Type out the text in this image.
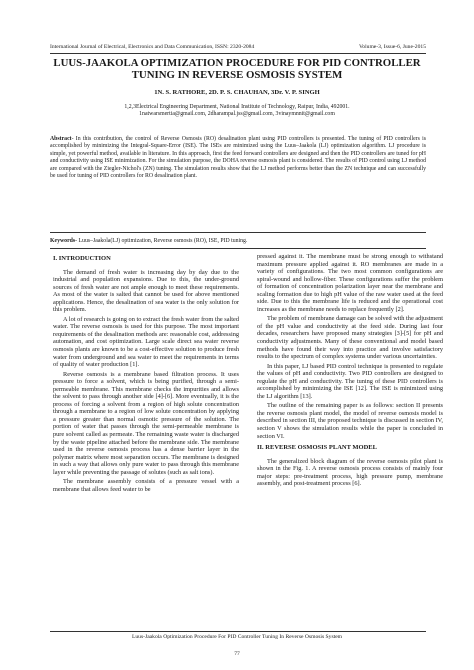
International Journal of Electrical, Electronics and Data Communication, ISSN: 2320-2084	Volume-3, Issue-6, June-2015
LUUS-JAAKOLA OPTIMIZATION PROCEDURE FOR PID CONTROLLER TUNING IN REVERSE OSMOSIS SYSTEM
1N. S. RATHORE, 2D. P. S. CHAUHAN, 3Dr. V. P. SINGH
1,2,3Electrical Engineering Department, National Institute of Technology, Raipur, India, 492001.
1natwarsmertia@gmail.com, 2dharampal.jss@gmail.com, 3vinaymnnit@gmail.com
Abstract- In this contribution, the control of Reverse Osmosis (RO) desalination plant using PID controllers is presented. The tuning of PID controllers is accomplished by minimizing the Integral-Square-Error (ISE). The ISEs are minimized using the Luus–Jaakola (LJ) optimization algorithm. LJ procedure is simple, yet powerful method, available in literature. In this approach, first the feed forward controllers are designed and then the PID controllers are tuned for pH and conductivity using ISE minimization. For the simulation purpose, the DOHA reverse osmosis plant is considered. The results of PID control using LJ method are compared with the Ziegler-Nichol's (ZN) tuning. The simulation results show that the LJ method performs better than the ZN technique and can successfully be used for tuning of PID controllers for RO desalination plant.
Keywords- Luus–Jaakola(LJ) optimization, Reverse osmosis (RO), ISE, PID tuning.
I. INTRODUCTION

The demand of fresh water is increasing day by day due to the industrial and population expansions. Due to this, the under-ground sources of fresh water are not ample enough to meet these requirements. As most of the water is salted that cannot be used for above mentioned applications. Hence, the desalination of sea water is the only solution for this problem.

A lot of research is going on to extract the fresh water from the salted water. The reverse osmosis is used for this purpose. The most important requirements of the desalination methods are: reasonable cost, addressing automation, and cost optimization. Large scale direct sea water reverse osmosis plants are known to be a cost-effective solution to produce fresh water from underground and sea water to meet the requirements in terms of quality of water production [1].

Reverse osmosis is a membrane based filtration process. It uses pressure to force a solvent, which is being purified, through a semi-permeable membrane. This membrane checks the impurities and allows the solvent to pass through another side [4]-[6]. More eventually, it is the process of forcing a solvent from a region of high solute concentration through a membrane to a region of low solute concentration by applying a pressure greater than normal osmotic pressure of the solution. The portion of water that passes through the semi-permeable membrane is pure solvent called as permeate. The remaining waste water is discharged by the waste pipeline attached before the membrane side. The membrane used in the reverse osmosis process has a dense barrier layer in the polymer matrix where most separation occurs. The membrane is designed in such a way that allows only pure water to pass through this membrane layer while preventing the passage of solutes (such as salt ions).

The membrane assembly consists of a pressure vessel with a membrane that allows feed water to be

pressed against it. The membrane must be strong enough to withstand maximum pressure applied against it. RO membranes are made in a variety of configurations. The two most common configurations are spiral-wound and hollow-fiber. These configurations suffer the problem of formation of concentration polarization layer near the membrane and scaling formation due to high pH value of the raw water used at the feed side. Due to this the membrane life is reduced and the operational cost increases as the membrane needs to replace frequently [2].

The problem of membrane damage can be solved with the adjustment of the pH value and conductivity at the feed side. During last four decades, researchers have proposed many strategies [3]-[5] for pH and conductivity adjustments. Many of these conventional and model based methods have found their way into practice and involve satisfactory results to the spectrum of complex systems under various uncertainties.

In this paper, LJ based PID control technique is presented to regulate the values of pH and conductivity. Two PID controllers are designed to regulate the pH and conductivity. The tuning of these PID controllers is accomplished by minimizing the ISE [12]. The ISE is minimized using the LJ algorithm [13].

The outline of the remaining paper is as follows: section II presents the reverse osmosis plant model, the model of reverse osmosis model is described in section III, the proposed technique is discussed in section IV, section V shows the simulation results while the paper is concluded in section VI.

II. REVERSE OSMOSIS PLANT MODEL

The generalized block diagram of the reverse osmosis pilot plant is shown in the Fig. 1. A reverse osmosis process consists of mainly four major steps: pre-treatment process, high pressure pump, membrane assembly, and post-treatment process [6].

Luus-Jaakola Optimization Procedure For PID Controller Tuning In Reverse Osmosis System
77
